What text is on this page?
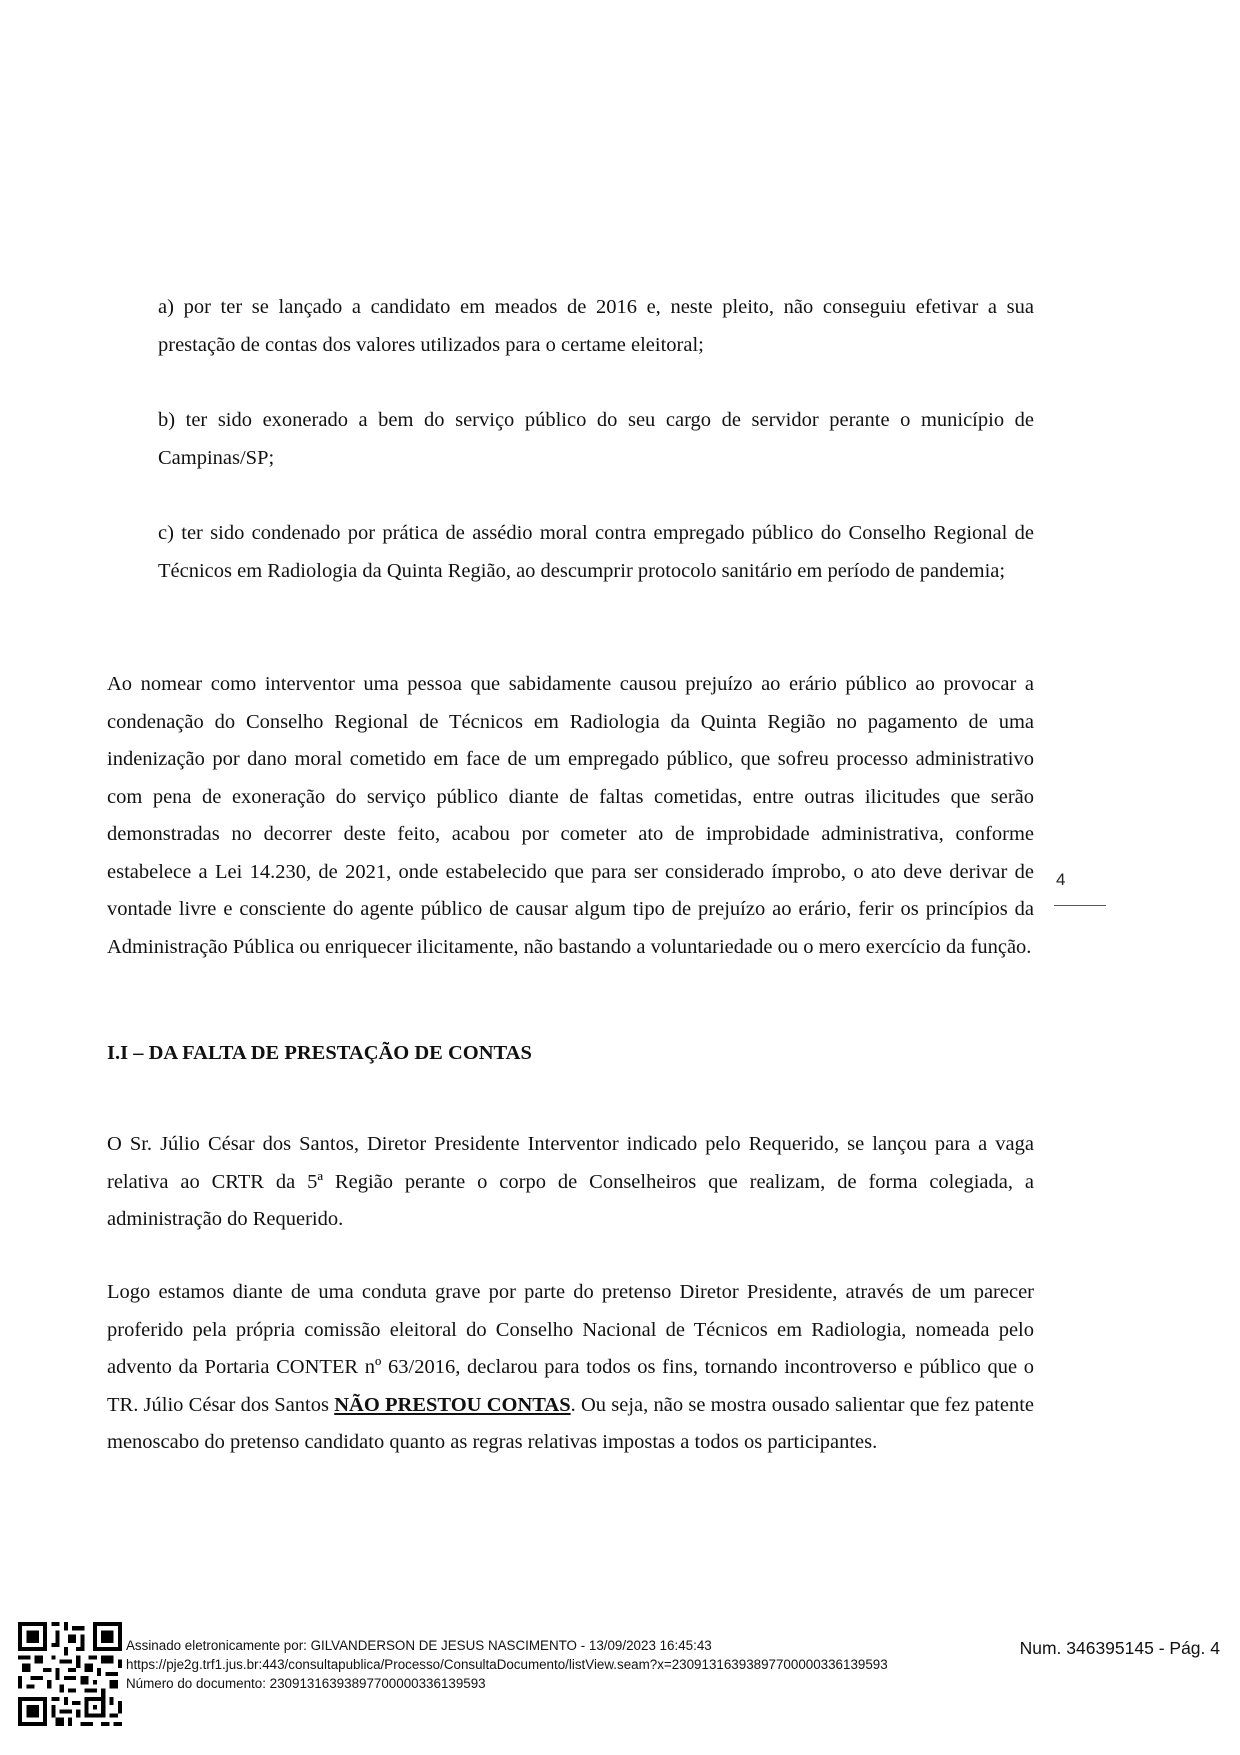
a) por ter se lançado a candidato em meados de 2016 e, neste pleito, não conseguiu efetivar a sua prestação de contas dos valores utilizados para o certame eleitoral;

b) ter sido exonerado a bem do serviço público do seu cargo de servidor perante o município de Campinas/SP;

c) ter sido condenado por prática de assédio moral contra empregado público do Conselho Regional de Técnicos em Radiologia da Quinta Região, ao descumprir protocolo sanitário em período de pandemia;

Ao nomear como interventor uma pessoa que sabidamente causou prejuízo ao erário público ao provocar a condenação do Conselho Regional de Técnicos em Radiologia da Quinta Região no pagamento de uma indenização por dano moral cometido em face de um empregado público, que sofreu processo administrativo com pena de exoneração do serviço público diante de faltas cometidas, entre outras ilicitudes que serão demonstradas no decorrer deste feito, acabou por cometer ato de improbidade administrativa, conforme estabelece a Lei 14.230, de 2021, onde estabelecido que para ser considerado ímprobo, o ato deve derivar de vontade livre e consciente do agente público de causar algum tipo de prejuízo ao erário, ferir os princípios da Administração Pública ou enriquecer ilicitamente, não bastando a voluntariedade ou o mero exercício da função.

4
I.I – DA FALTA DE PRESTAÇÃO DE CONTAS

O Sr. Júlio César dos Santos, Diretor Presidente Interventor indicado pelo Requerido, se lançou para a vaga relativa ao CRTR da 5ª Região perante o corpo de Conselheiros que realizam, de forma colegiada, a administração do Requerido.

Logo estamos diante de uma conduta grave por parte do pretenso Diretor Presidente, através de um parecer proferido pela própria comissão eleitoral do Conselho Nacional de Técnicos em Radiologia, nomeada pelo advento da Portaria CONTER nº 63/2016, declarou para todos os fins, tornando incontroverso e público que o TR. Júlio César dos Santos NÃO PRESTOU CONTAS. Ou seja, não se mostra ousado salientar que fez patente menoscabo do pretenso candidato quanto as regras relativas impostas a todos os participantes.

Assinado eletronicamente por: GILVANDERSON DE JESUS NASCIMENTO - 13/09/2023 16:45:43
https://pje2g.trf1.jus.br:443/consultapublica/Processo/ConsultaDocumento/listView.seam?x=23091316393897700000336139593
Número do documento: 23091316393897700000336139593
Num. 346395145 - Pág. 4
